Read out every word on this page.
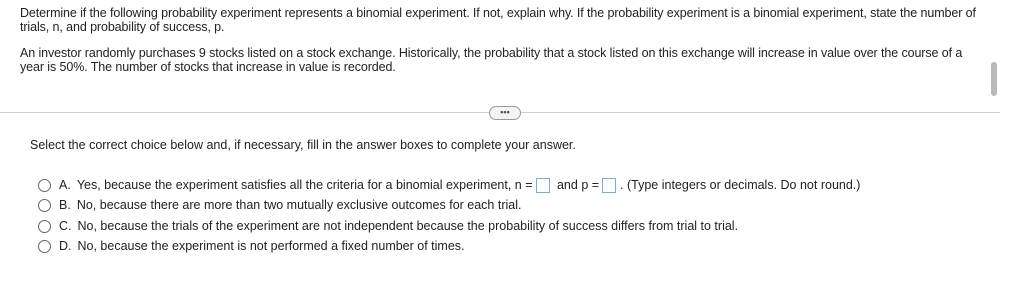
Determine if the following probability experiment represents a binomial experiment. If not, explain why. If the probability experiment is a binomial experiment, state the number of trials, n, and probability of success, p.
An investor randomly purchases 9 stocks listed on a stock exchange. Historically, the probability that a stock listed on this exchange will increase in value over the course of a year is 50%. The number of stocks that increase in value is recorded.
•••
Select the correct choice below and, if necessary, fill in the answer boxes to complete your answer.
A. Yes, because the experiment satisfies all the criteria for a binomial experiment, n = and p = . (Type integers or decimals. Do not round.)
B. No, because there are more than two mutually exclusive outcomes for each trial.
C. No, because the trials of the experiment are not independent because the probability of success differs from trial to trial.
D. No, because the experiment is not performed a fixed number of times.
